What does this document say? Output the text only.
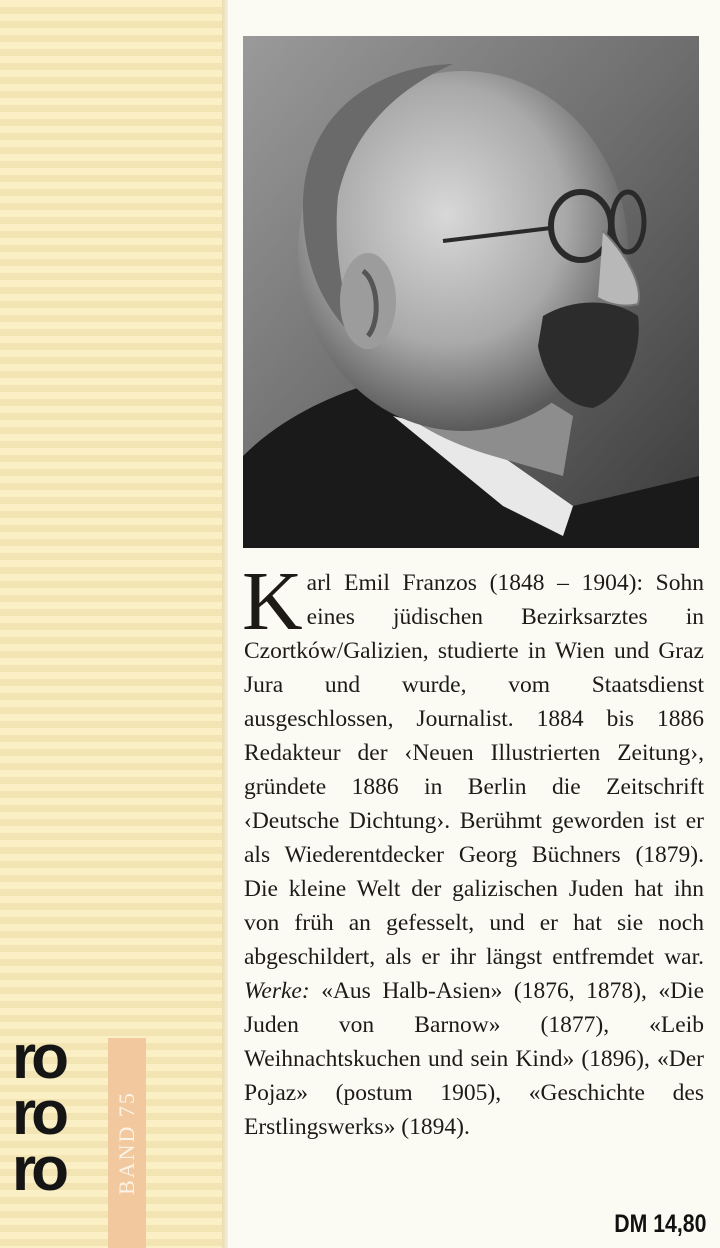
K arl Emil Franzos (1848 – 1904): Sohn eines jüdischen Bezirksarztes in Czortków/Galizien, studierte in Wien und Graz Jura und wurde, vom Staatsdienst ausgeschlossen, Journalist. 1884 bis 1886 Redakteur der ‹Neuen Illustrierten Zeitung›, gründete 1886 in Berlin die Zeitschrift ‹Deutsche Dichtung›. Berühmt geworden ist er als Wiederentdecker Georg Büchners (1879). Die kleine Welt der galizischen Juden hat ihn von früh an gefesselt, und er hat sie noch abgeschildert, als er ihr längst entfremdet war. Werke: «Aus Halb-Asien» (1876, 1878), «Die Juden von Barnow» (1877), «Leib Weihnachtskuchen und sein Kind» (1896), «Der Pojaz» (postum 1905), «Geschichte des Erstlingswerks» (1894).

ro
ro
ro	BAND 75
DM 14,80
